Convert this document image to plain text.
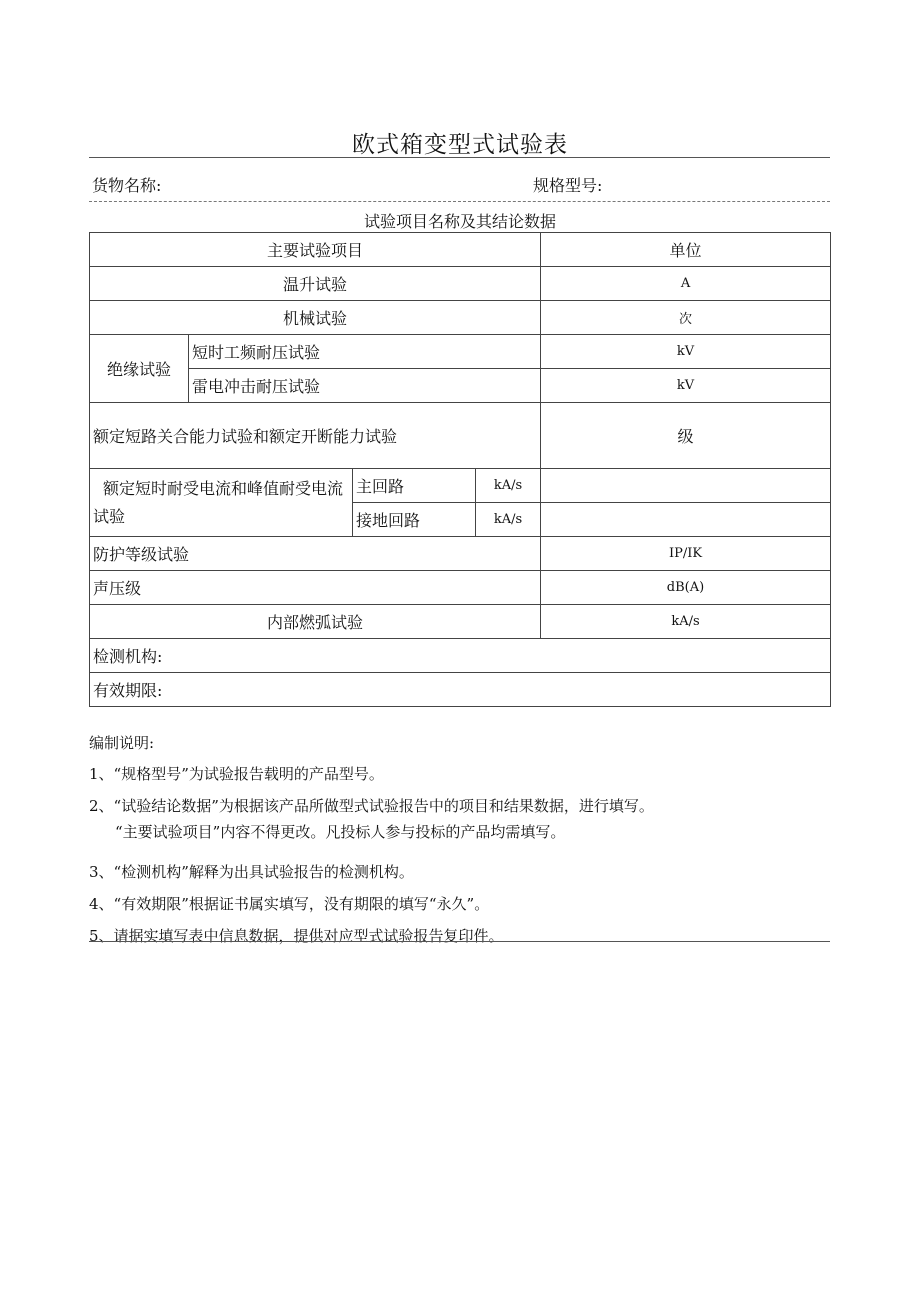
欧式箱变型式试验表
货物名称:	规格型号:
试验项目名称及其结论数据
主要试验项目				单位	
温升试验				A	
机械试验				次	
绝缘试验	短时工频耐压试验			kV	
	雷电冲击耐压试验			kV	
额定短路关合能力试验和额定开断能力试验				级	
额定短时耐受电流和峰值耐受电流试验		主回路	kA/s		
		接地回路	kA/s		
防护等级试验				IP/IK	
声压级				dB(A)	
内部燃弧试验				kA/s	
检测机构:	
有效期限:	
编制说明:
1、“规格型号”为试验报告载明的产品型号。
2、“试验结论数据”为根据该产品所做型式试验报告中的项目和结果数据，进行填写。
“主要试验项目”内容不得更改。凡投标人参与投标的产品均需填写。
3、“检测机构”解释为出具试验报告的检测机构。
4、“有效期限”根据证书属实填写，没有期限的填写“永久”。
5、请据实填写表中信息数据，提供对应型式试验报告复印件。
